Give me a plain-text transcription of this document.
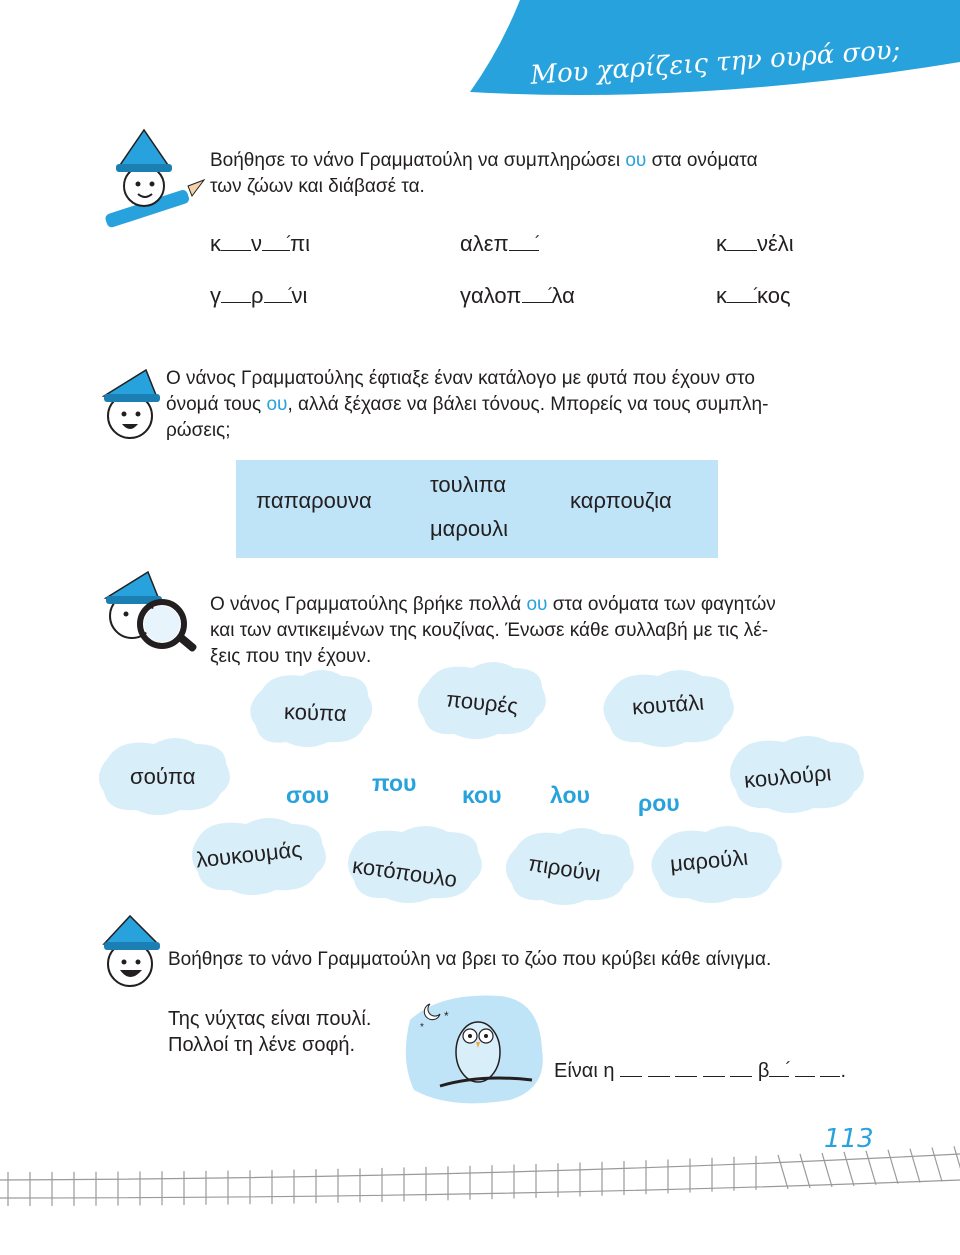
Μου χαρίζεις την ουρά σου;
Βοήθησε το νάνο Γραμματούλη να συμπληρώσει ου στα ονόματα
των ζώων και διάβασέ τα.
κ ν πι	αλεπ	κ νέλι
γ ρ νι	γαλοπ λα	κ κος
Ο νάνος Γραμματούλης έφτιαξε έναν κατάλογο με φυτά που έχουν στο
όνομά τους ου, αλλά ξέχασε να βάλει τόνους. Μπορείς να τους συμπλη-
ρώσεις;
παπαρουνα
τουλιπα
μαρουλι
καρπουζια
Ο νάνος Γραμματούλης βρήκε πολλά ου στα ονόματα των φαγητών
και των αντικειμένων της κουζίνας. Ένωσε κάθε συλλαβή με τις λέ-
ξεις που την έχουν.
κούπα	πουρές	κουτάλι
σούπα	κουλούρι
λουκουμάς κοτόπουλο	πιρούνι	μαρούλι
σου που κου λου ρου
Βοήθησε το νάνο Γραμματούλη να βρει το ζώο που κρύβει κάθε αίνιγμα.
Της νύχτας είναι πουλί.
Πολλοί τη λένε σοφή.
*
*
Είναι η	β	.
113
